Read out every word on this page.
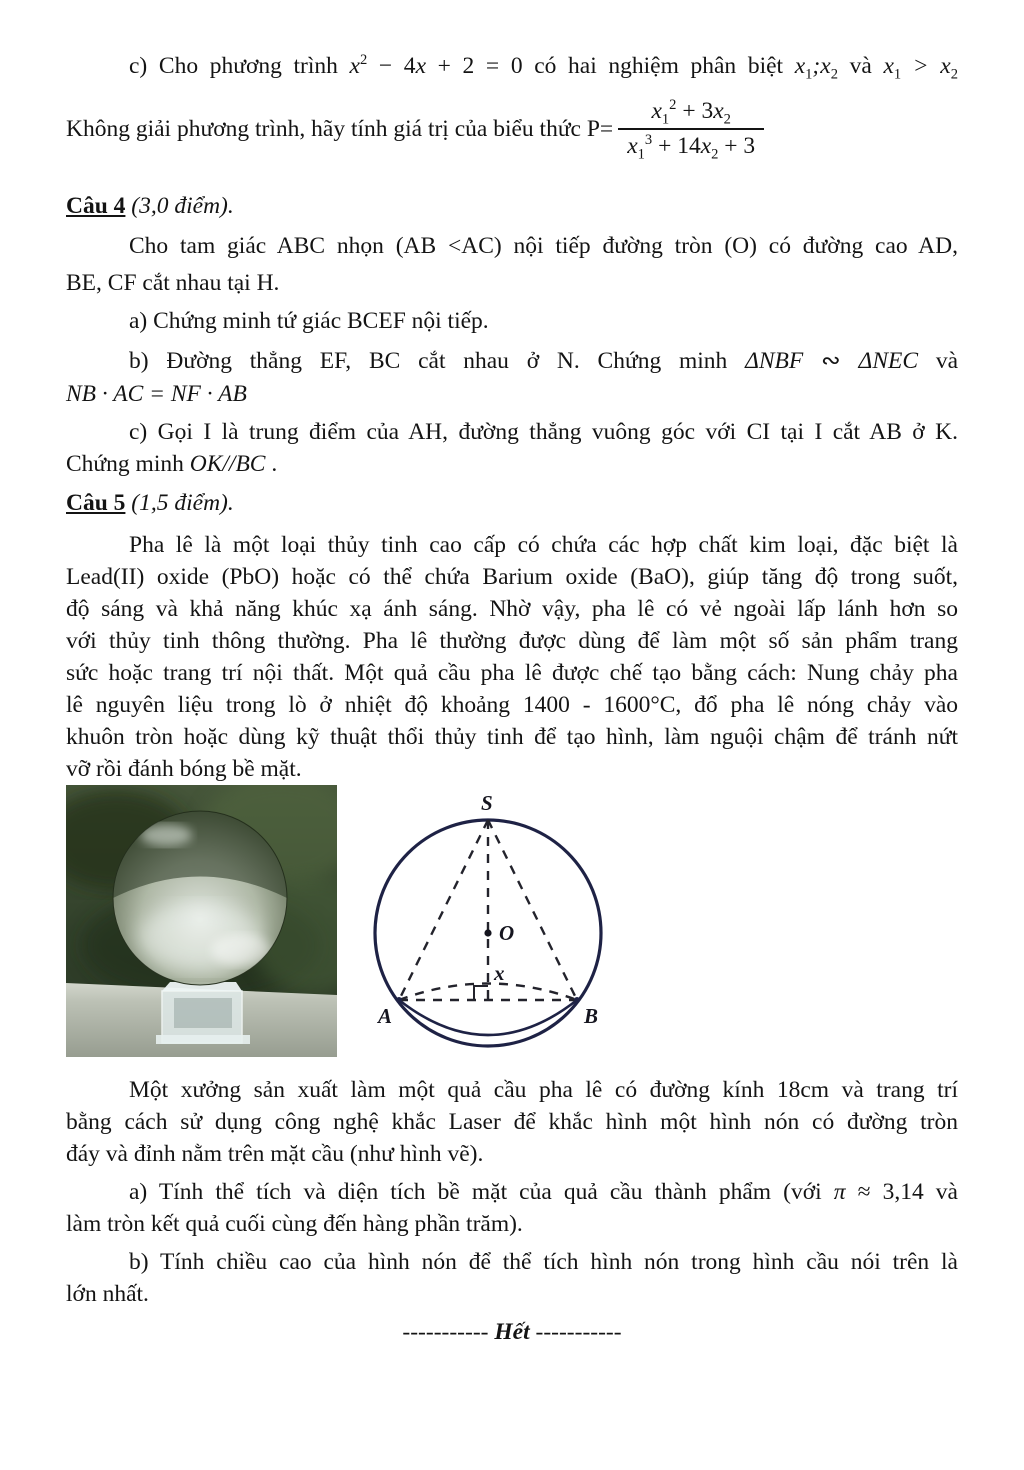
c) Cho phương trình $x^2 - 4x + 2 = 0$ có hai nghiệm phân biệt $x_1;x_2$ và $x_1 > x_2$
Không giải phương trình, hãy tính giá trị của biểu thức $P= \frac{x_1^2 + 3x_2}{x_1^3 + 14x_2 + 3}$
Câu 4 (3,0 điểm).
Cho tam giác ABC nhọn (AB <AC) nội tiếp đường tròn (O) có đường cao AD,
BE, CF cắt nhau tại H.
a) Chứng minh tứ giác BCEF nội tiếp.
b) Đường thẳng EF, BC cắt nhau ở N. Chứng minh ΔNBF ∾ ΔNEC và
NB · AC = NF · AB
c) Gọi I là trung điểm của AH, đường thẳng vuông góc với CI tại I cắt AB ở K.
Chứng minh OK//BC .
Câu 5 (1,5 điểm).
Pha lê là một loại thủy tinh cao cấp có chứa các hợp chất kim loại, đặc biệt là
Lead(II) oxide (PbO) hoặc có thể chứa Barium oxide (BaO), giúp tăng độ trong suốt,
độ sáng và khả năng khúc xạ ánh sáng. Nhờ vậy, pha lê có vẻ ngoài lấp lánh hơn so
với thủy tinh thông thường. Pha lê thường được dùng để làm một số sản phẩm trang
sức hoặc trang trí nội thất. Một quả cầu pha lê được chế tạo bằng cách: Nung chảy pha
lê nguyên liệu trong lò ở nhiệt độ khoảng 1400 - 1600°C, đổ pha lê nóng chảy vào
khuôn tròn hoặc dùng kỹ thuật thổi thủy tinh để tạo hình, làm nguội chậm để tránh nứt
vỡ rồi đánh bóng bề mặt.
S
O
x
A	B
Một xưởng sản xuất làm một quả cầu pha lê có đường kính 18cm và trang trí
bằng cách sử dụng công nghệ khắc Laser để khắc hình một hình nón có đường tròn
đáy và đỉnh nằm trên mặt cầu (như hình vẽ).
a) Tính thể tích và diện tích bề mặt của quả cầu thành phẩm (với π ≈ 3,14 và
làm tròn kết quả cuối cùng đến hàng phần trăm).
b) Tính chiều cao của hình nón để thể tích hình nón trong hình cầu nói trên là
lớn nhất.
----------- Hết -----------
